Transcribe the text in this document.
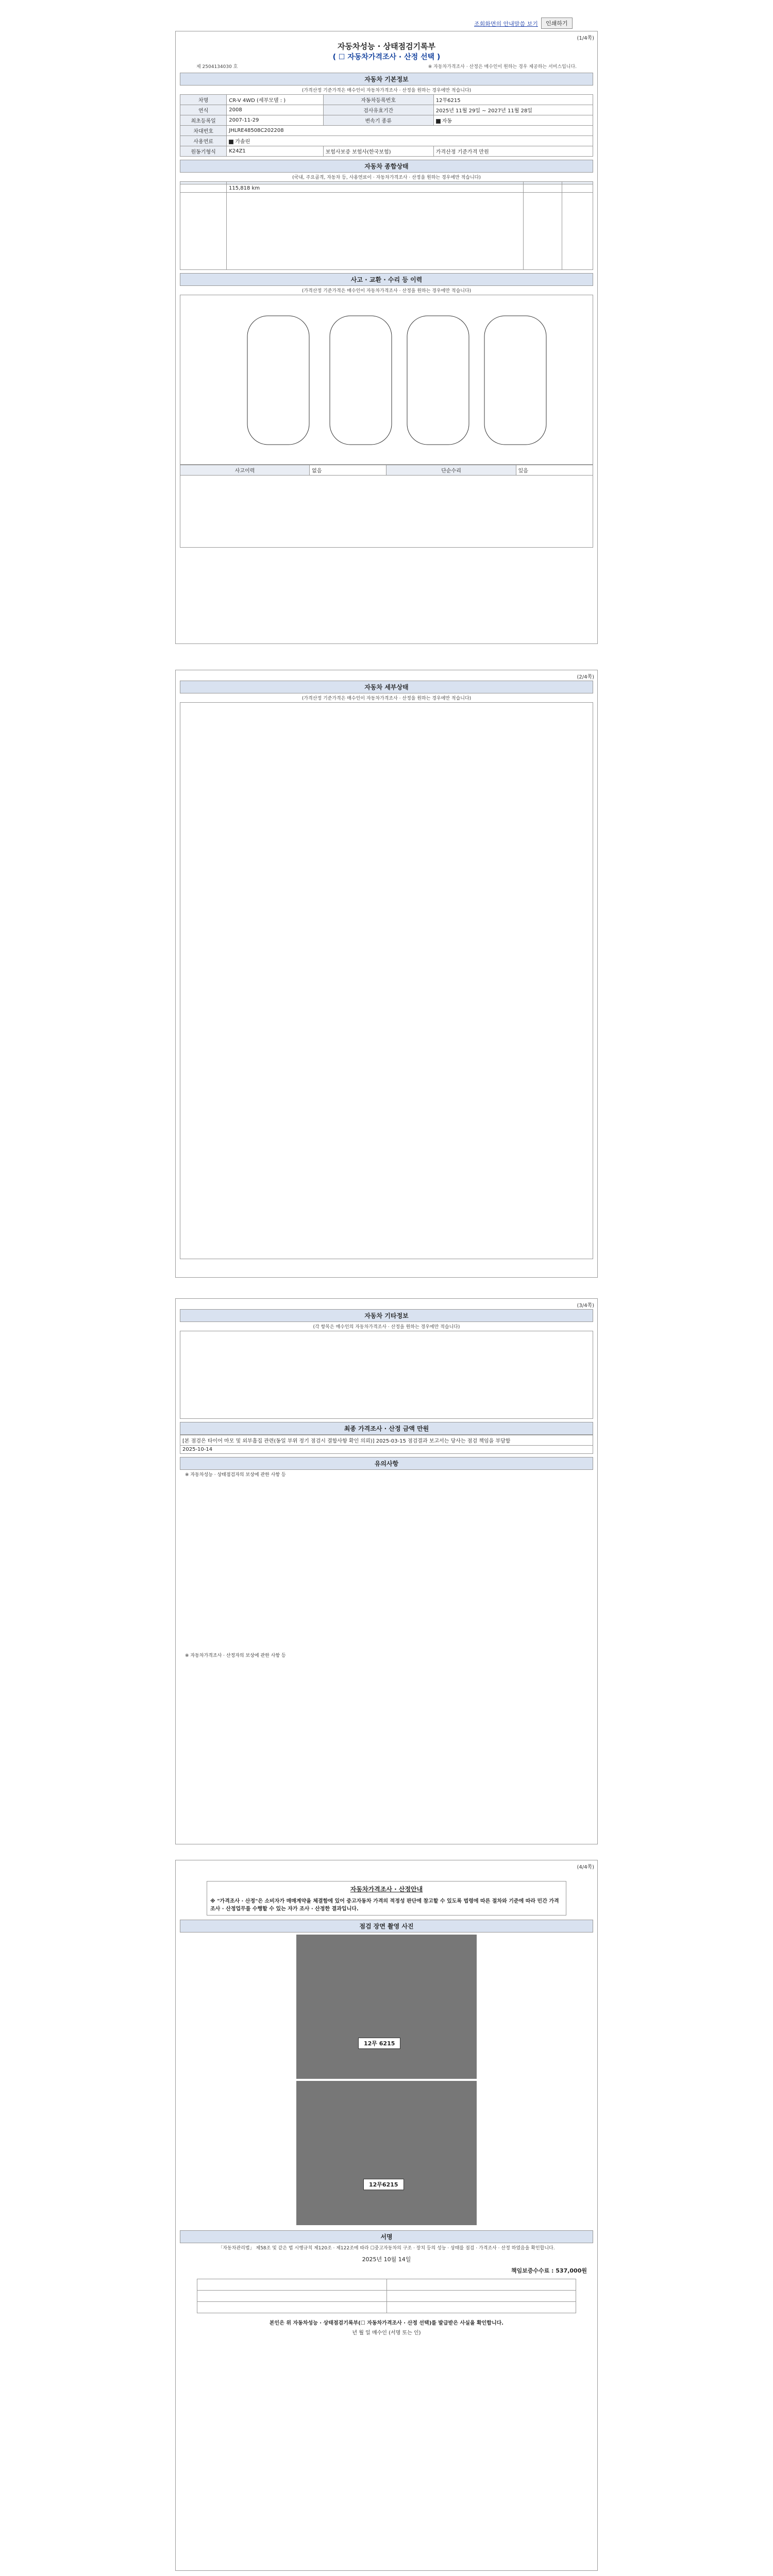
조회화면의 안내말씀 보기	인쇄하기
(1/4쪽)
자동차성능 · 상태점검기록부
( ☐ 자동차가격조사 · 산정 선택 )
제 2504134030 호	※ 자동차가격조사 · 산정은 매수인이 원하는 경우 제공하는 서비스입니다.
자동차 기본정보
(가격산정 기준가격은 매수인이 자동차가격조사 · 산정을 원하는 경우에만 적습니다)
차명	CR-V 4WD (세부모델 : )	자동차등록번호	12무6215
연식	2008	검사유효기간	2025년 11월 29일 ~ 2027년 11월 28일
최초등록일	2007-11-29	변속기 종류	자동
차대번호	JHLRE48508C202208		
사용연료	가솔린		
원동기형식	K24Z1	보험사보증 보험사(한국보험)	가격산정 기준가격 만원
자동차 종합상태
(국내, 주요골격, 자동차 등, 사용연료이 · 자동차가격조사 · 산정을 원하는 경우에만 적습니다)

	115,818 km		

사고 · 교환 · 수리 등 이력
(가격산정 기준가격은 매수인이 자동차가격조사 · 산정을 원하는 경우에만 적습니다)
사고이력	없음	단순수리	있음

(2/4쪽)
자동차 세부상태
(가격산정 기준가격은 매수인이 자동차가격조사 · 산정을 원하는 경우에만 적습니다)
(3/4쪽)
자동차 기타정보
(각 항목은 매수인의 자동차가격조사 · 산정을 원하는 경우에만 적습니다)
최종 가격조사 · 산정 금액 만원
[본 점검은 타이어 마모 및 외부흠집 관련(동일 부위 정기 점검시 결함사항 확인 의뢰)] 2025-03-15 점검결과 보고서는 당사는 점검 책임을 부담함
2025-10-14
유의사항
※ 자동차성능 · 상태점검자의 보상에 관한 사항 등
※ 자동차가격조사 · 산정자의 보상에 관한 사항 등
(4/4쪽)
자동차가격조사 · 산정안내
※ "가격조사 · 산정"은 소비자가 매매계약을 체결함에 있어 중고자동차 가격의 적정성 판단에 참고할 수 있도록 법령에 따른 절차와 기준에 따라 민간 가격조사 · 산정업무를 수행할 수 있는 자가 조사 · 산정한 결과입니다.
점검 장면 촬영 사진
12무 6215
12무6215
서명
「자동차관리법」 제58조 및 같은 법 시행규칙 제120조 · 제122조에 따라 ☐중고자동차의 구조 · 장치 등의 성능 · 상태를 점검 · 가격조사 · 산정 하였음을 확인합니다.
2025년 10월 14일
책임보증수수료 : 537,000원

본인은 위 자동차성능 · 상태점검기록부(☐ 자동차가격조사 · 산정 선택)를 발급받은 사실을 확인합니다.
년 월 일 매수인 (서명 또는 인)
